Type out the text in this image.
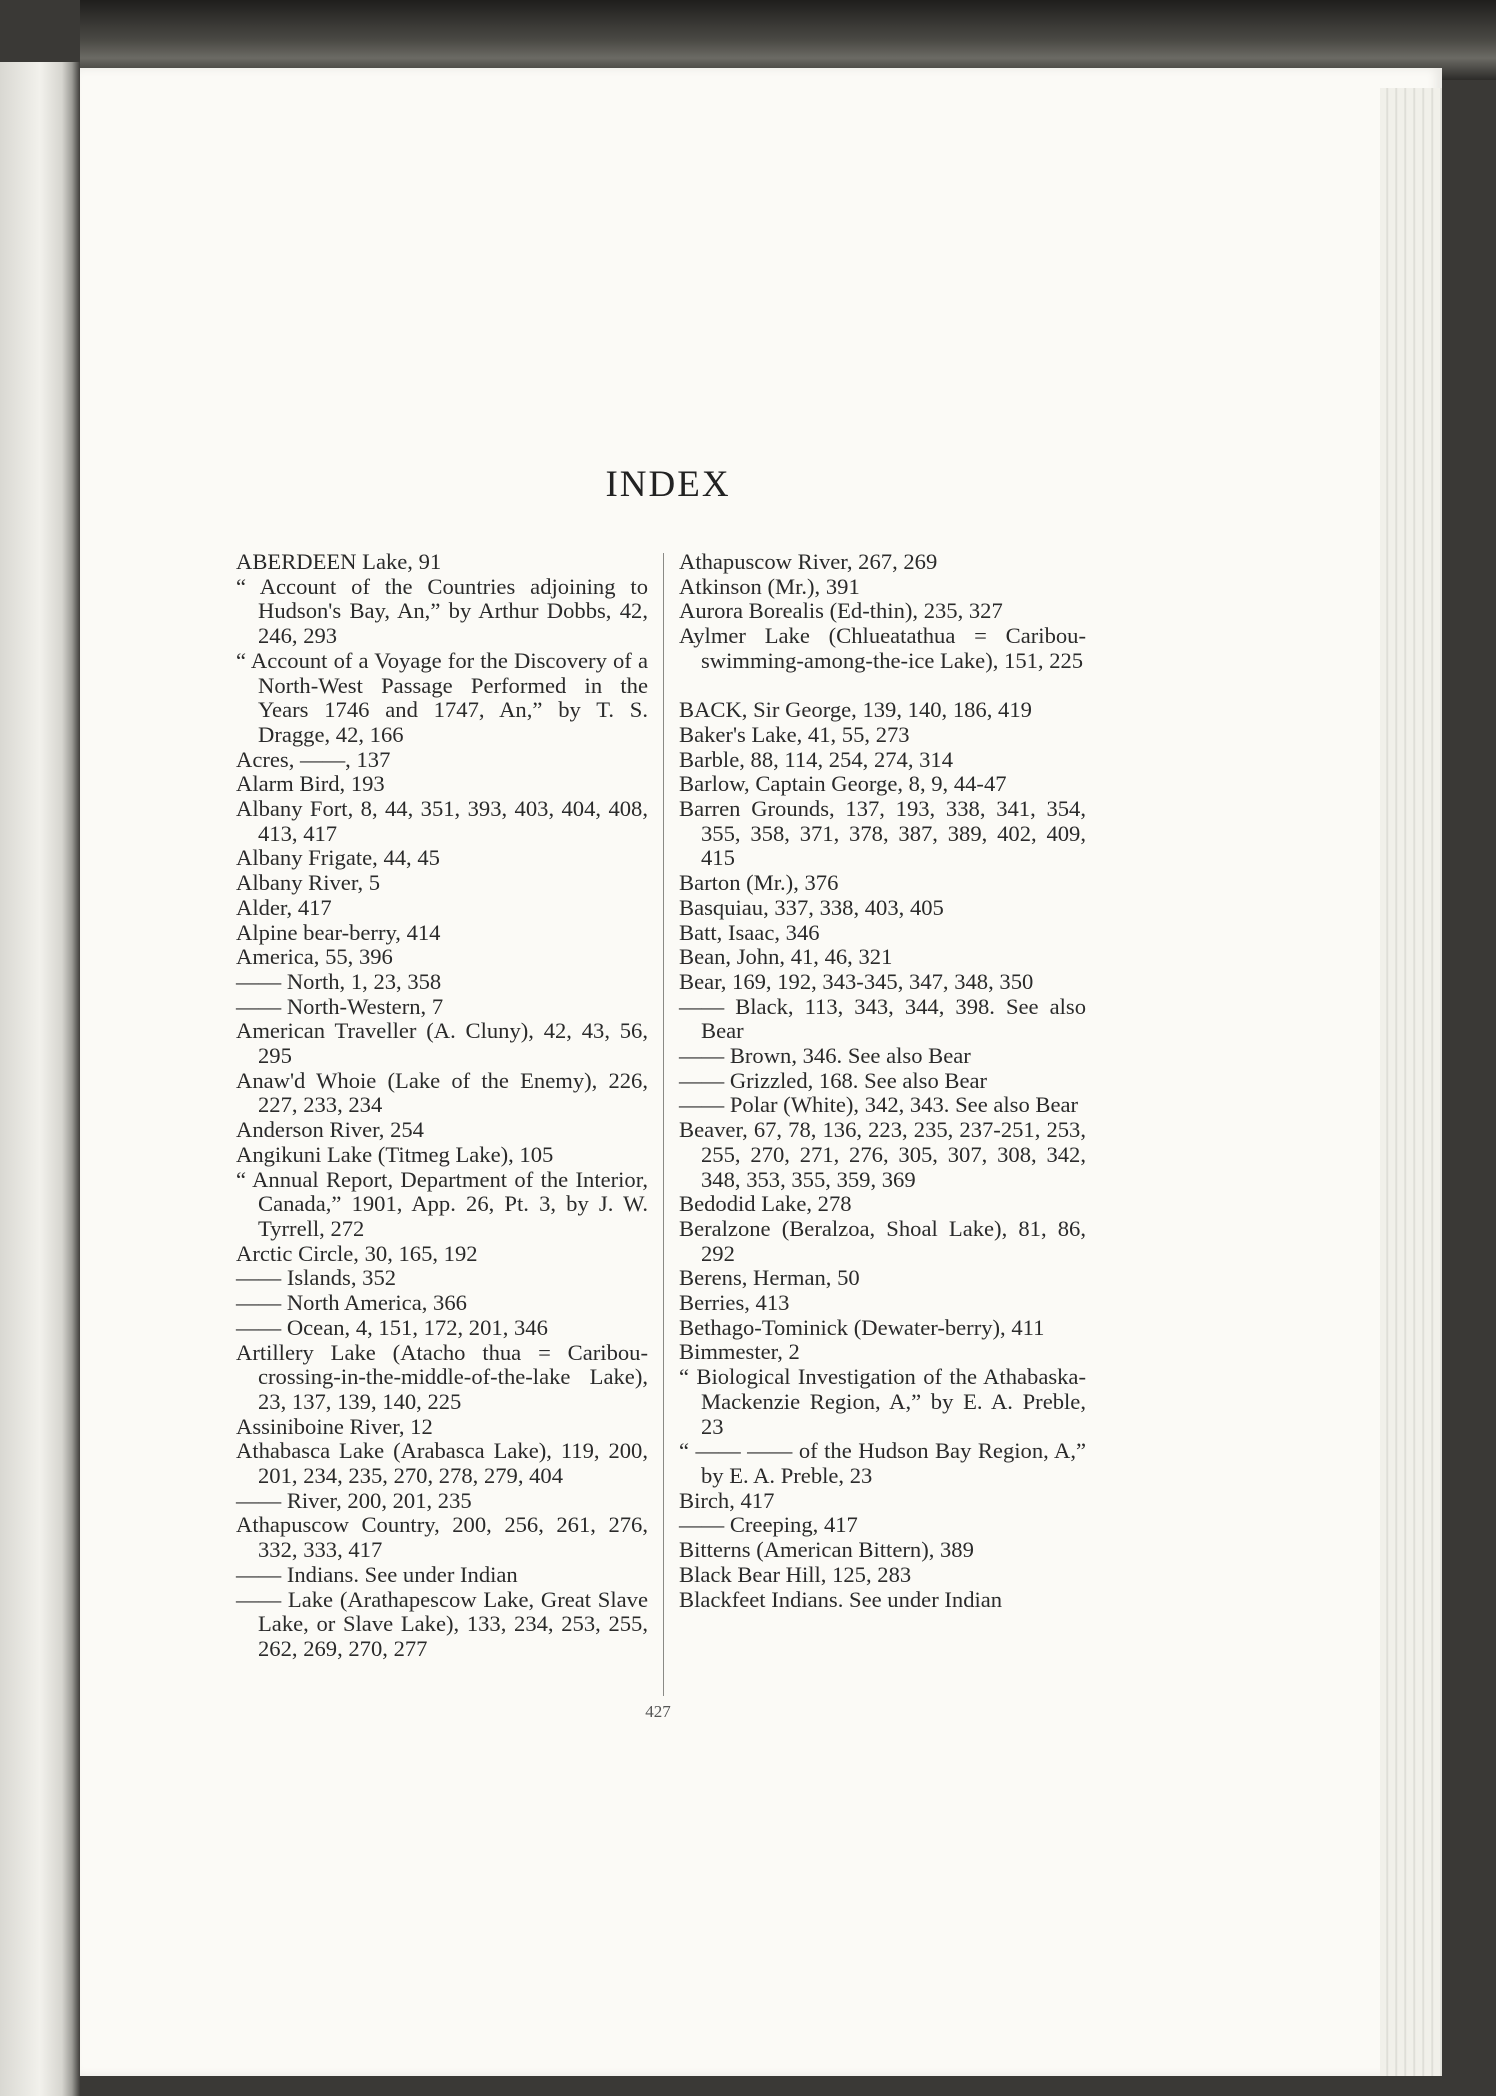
INDEX
ABERDEEN Lake, 91
“ Account of the Countries adjoining to Hudson's Bay, An,” by Arthur Dobbs, 42, 246, 293
“ Account of a Voyage for the Discovery of a North-West Passage Performed in the Years 1746 and 1747, An,” by T. S. Dragge, 42, 166
Acres, ——, 137
Alarm Bird, 193
Albany Fort, 8, 44, 351, 393, 403, 404, 408, 413, 417
Albany Frigate, 44, 45
Albany River, 5
Alder, 417
Alpine bear-berry, 414
America, 55, 396
—— North, 1, 23, 358
—— North-Western, 7
American Traveller (A. Cluny), 42, 43, 56, 295
Anaw'd Whoie (Lake of the Enemy), 226, 227, 233, 234
Anderson River, 254
Angikuni Lake (Titmeg Lake), 105
“ Annual Report, Department of the Interior, Canada,” 1901, App. 26, Pt. 3, by J. W. Tyrrell, 272
Arctic Circle, 30, 165, 192
—— Islands, 352
—— North America, 366
—— Ocean, 4, 151, 172, 201, 346
Artillery Lake (Atacho thua = Caribou-crossing-in-the-middle-of-the-lake Lake), 23, 137, 139, 140, 225
Assiniboine River, 12
Athabasca Lake (Arabasca Lake), 119, 200, 201, 234, 235, 270, 278, 279, 404
—— River, 200, 201, 235
Athapuscow Country, 200, 256, 261, 276, 332, 333, 417
—— Indians. See under Indian
—— Lake (Arathapescow Lake, Great Slave Lake, or Slave Lake), 133, 234, 253, 255, 262, 269, 270, 277
Athapuscow River, 267, 269
Atkinson (Mr.), 391
Aurora Borealis (Ed-thin), 235, 327
Aylmer Lake (Chlueatathua = Caribou-swimming-among-the-ice Lake), 151, 225
BACK, Sir George, 139, 140, 186, 419
Baker's Lake, 41, 55, 273
Barble, 88, 114, 254, 274, 314
Barlow, Captain George, 8, 9, 44-47
Barren Grounds, 137, 193, 338, 341, 354, 355, 358, 371, 378, 387, 389, 402, 409, 415
Barton (Mr.), 376
Basquiau, 337, 338, 403, 405
Batt, Isaac, 346
Bean, John, 41, 46, 321
Bear, 169, 192, 343-345, 347, 348, 350
—— Black, 113, 343, 344, 398. See also Bear
—— Brown, 346. See also Bear
—— Grizzled, 168. See also Bear
—— Polar (White), 342, 343. See also Bear
Beaver, 67, 78, 136, 223, 235, 237-251, 253, 255, 270, 271, 276, 305, 307, 308, 342, 348, 353, 355, 359, 369
Bedodid Lake, 278
Beralzone (Beralzoa, Shoal Lake), 81, 86, 292
Berens, Herman, 50
Berries, 413
Bethago-Tominick (Dewater-berry), 411
Bimmester, 2
“ Biological Investigation of the Athabaska-Mackenzie Region, A,” by E. A. Preble, 23
“ —— —— of the Hudson Bay Region, A,” by E. A. Preble, 23
Birch, 417
—— Creeping, 417
Bitterns (American Bittern), 389
Black Bear Hill, 125, 283
Blackfeet Indians. See under Indian
427
